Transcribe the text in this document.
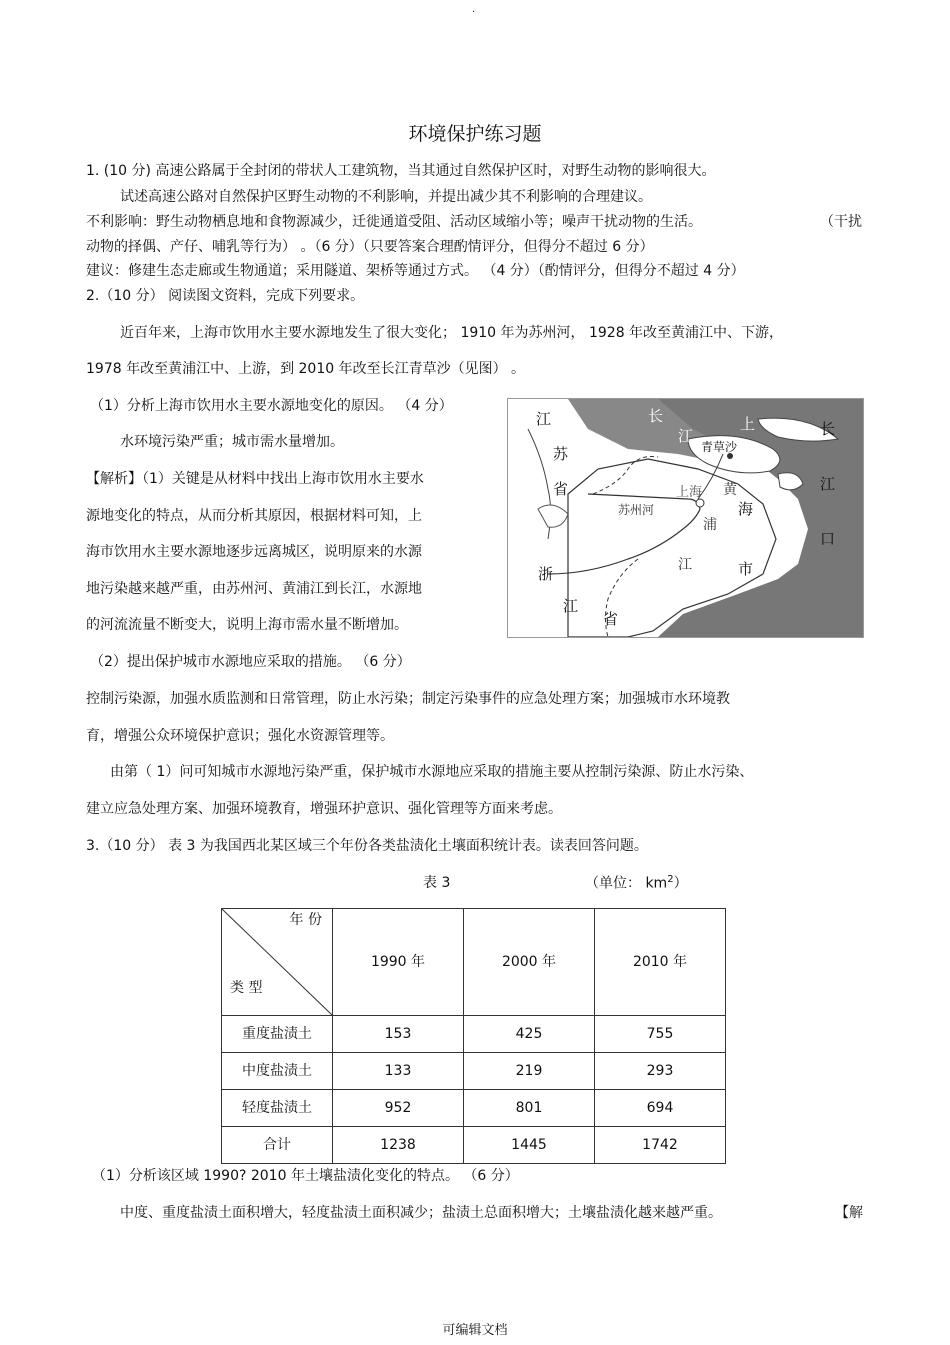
.
环境保护练习题
1. (10 分) 高速公路属于全封闭的带状人工建筑物，当其通过自然保护区时，对野生动物的影响很大。
试述高速公路对自然保护区野生动物的不利影响，并提出减少其不利影响的合理建议。
不利影响：野生动物栖息地和食物源减少，迁徙通道受阻、活动区域缩小等；噪声干扰动物的生活。	（干扰
动物的择偶、产仔、哺乳等行为） 。（6 分）（只要答案合理酌情评分，但得分不超过 6 分）
建议：修建生态走廊或生物通道；采用隧道、架桥等通过方式。 （4 分）（酌情评分，但得分不超过 4 分）
2.（10 分） 阅读图文资料，完成下列要求。
近百年来，上海市饮用水主要水源地发生了很大变化； 1910 年为苏州河， 1928 年改至黄浦江中、下游，
1978 年改至黄浦江中、上游，到 2010 年改至长江青草沙（见图） 。
（1）分析上海市饮用水主要水源地变化的原因。 （4 分）
水环境污染严重；城市需水量增加。
【解析】（1）关键是从材料中找出上海市饮用水主要水
源地变化的特点，从而分析其原因，根据材料可知，上
海市饮用水主要水源地逐步远离城区，说明原来的水源
地污染越来越严重，由苏州河、黄浦江到长江，水源地
的河流流量不断变大，说明上海市需水量不断增加。
（2）提出保护城市水源地应采取的措施。 （6 分）
控制污染源，加强水质监测和日常管理，防止水污染；制定污染事件的应急处理方案；加强城市水环境教
育，增强公众环境保护意识；强化水资源管理等。
由第（ 1）问可知城市水源地污染严重，保护城市水源地应采取的措施主要从控制污染源、防止水污染、
建立应急处理方案、加强环境教育，增强环护意识、强化管理等方面来考虑。
江
苏
省
长
江
青草沙
上	长
江
口
上海
苏州河
黄
浦
海
江	市
浙
江
省
3.（10 分） 表 3 为我国西北某区域三个年份各类盐渍化土壤面积统计表。读表回答问题。
表 3	（单位： $km^2$）
年 份
类 型	1990 年	2000 年	2010 年
重度盐渍土	153	425	755
中度盐渍土	133	219	293
轻度盐渍土	952	801	694
合计	1238	1445	1742
（1）分析该区域 1990? 2010 年土壤盐渍化变化的特点。 （6 分）
中度、重度盐渍土面积增大，轻度盐渍土面积减少；盐渍土总面积增大；土壤盐渍化越来越严重。	【解
可编辑文档
